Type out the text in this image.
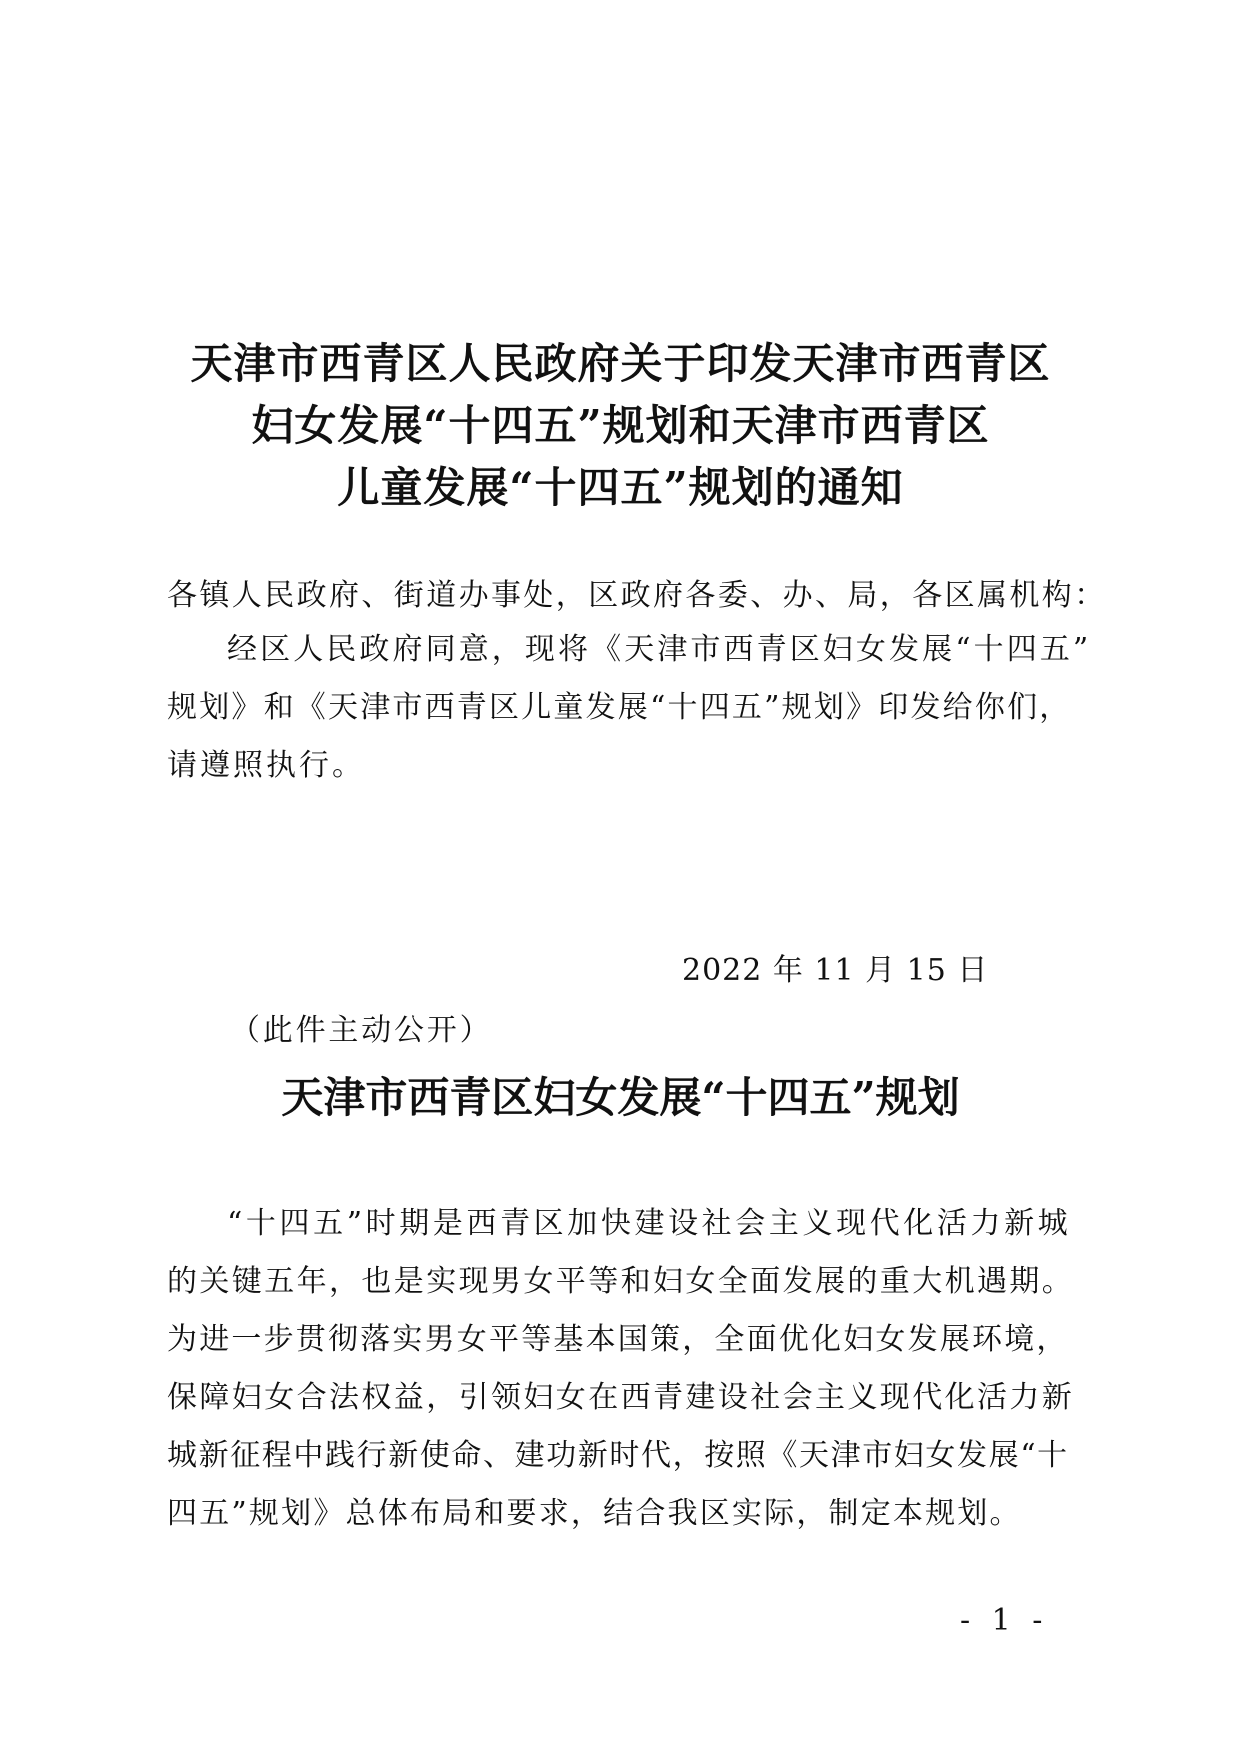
天津市西青区人民政府关于印发天津市西青区
妇女发展“十四五”规划和天津市西青区
儿童发展“十四五”规划的通知

各镇人民政府、街道办事处，区政府各委、办、局，各区属机构：

经区人民政府同意，现将《天津市西青区妇女发展“十四五”

规划》和《天津市西青区儿童发展“十四五”规划》印发给你们，

请遵照执行。

2022 年 11 月 15 日

（此件主动公开）

天津市西青区妇女发展“十四五”规划

“十四五”时期是西青区加快建设社会主义现代化活力新城

的关键五年，也是实现男女平等和妇女全面发展的重大机遇期。

为进一步贯彻落实男女平等基本国策，全面优化妇女发展环境，

保障妇女合法权益，引领妇女在西青建设社会主义现代化活力新

城新征程中践行新使命、建功新时代，按照《天津市妇女发展“十

四五”规划》总体布局和要求，结合我区实际，制定本规划。

- 1 -
